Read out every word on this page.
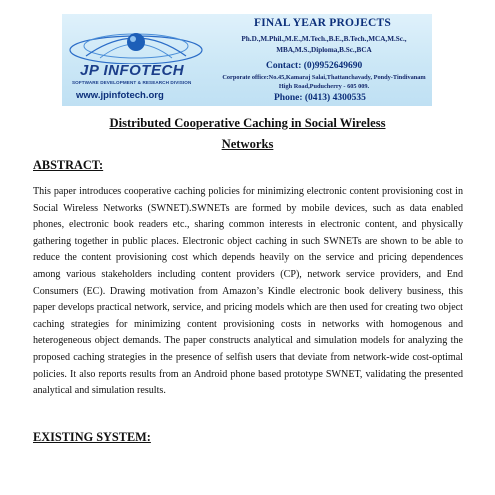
JP INFOTECH
SOFTWARE DEVELOPMENT & RESEARCH DIVISION
www.jpinfotech.org
FINAL YEAR PROJECTS
Ph.D.,M.Phil.,M.E.,M.Tech.,B.E.,B.Tech.,MCA,M.Sc., MBA,M.S.,Diploma,B.Sc.,BCA
Contact: (0)9952649690
Corporate office:No.45,Kamaraj Salai,Thattanchavady, Pondy-Tindivanam High Road,Puducherry - 605 009.
Phone: (0413) 4300535
Distributed Cooperative Caching in Social Wireless Networks
ABSTRACT:

This paper introduces cooperative caching policies for minimizing electronic content provisioning cost in Social Wireless Networks (SWNET).SWNETs are formed by mobile devices, such as data enabled phones, electronic book readers etc., sharing common interests in electronic content, and physically gathering together in public places. Electronic object caching in such SWNETs are shown to be able to reduce the content provisioning cost which depends heavily on the service and pricing dependences among various stakeholders including content providers (CP), network service providers, and End Consumers (EC). Drawing motivation from Amazon’s Kindle electronic book delivery business, this paper develops practical network, service, and pricing models which are then used for creating two object caching strategies for minimizing content provisioning costs in networks with homogenous and heterogeneous object demands. The paper constructs analytical and simulation models for analyzing the proposed caching strategies in the presence of selfish users that deviate from network-wide cost-optimal policies. It also reports results from an Android phone based prototype SWNET, validating the presented analytical and simulation results.

EXISTING SYSTEM:
